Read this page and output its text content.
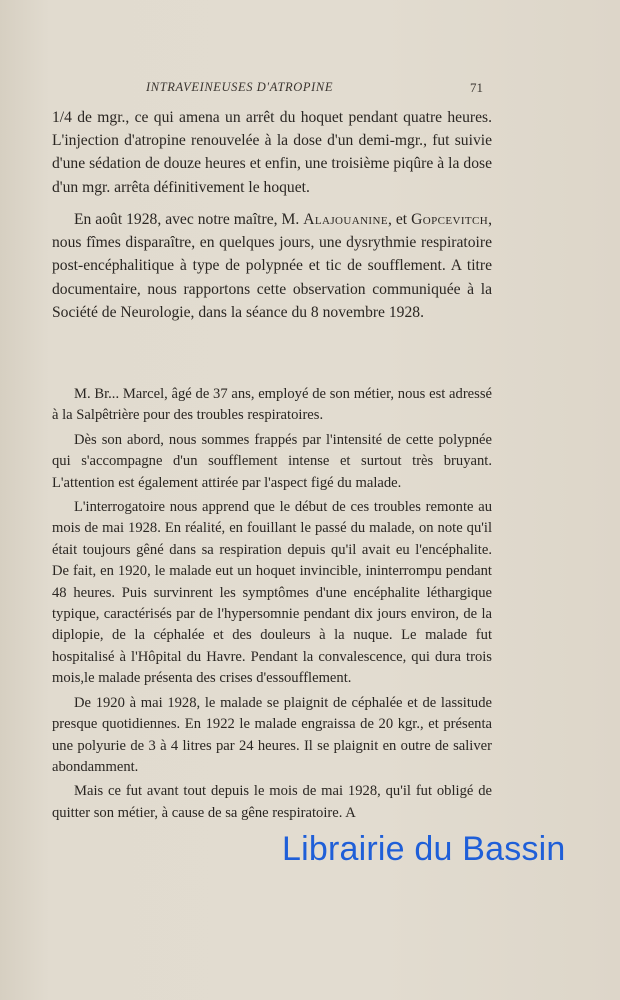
INTRAVEINEUSES D'ATROPINE	71

1/4 de mgr., ce qui amena un arrêt du hoquet pendant quatre heures. L'injection d'atropine renouvelée à la dose d'un demi-mgr., fut suivie d'une sédation de douze heures et enfin, une troisième piqûre à la dose d'un mgr. arrêta définitivement le hoquet.

En août 1928, avec notre maître, M. Alajouanine, et Gopcevitch, nous fîmes disparaître, en quelques jours, une dysrythmie respiratoire post-encéphalitique à type de polypnée et tic de soufflement. A titre documentaire, nous rapportons cette observation communiquée à la Société de Neurologie, dans la séance du 8 novembre 1928.

M. Br... Marcel, âgé de 37 ans, employé de son métier, nous est adressé à la Salpêtrière pour des troubles respiratoires.

Dès son abord, nous sommes frappés par l'intensité de cette polypnée qui s'accompagne d'un soufflement intense et surtout très bruyant. L'attention est également attirée par l'aspect figé du malade.

L'interrogatoire nous apprend que le début de ces troubles remonte au mois de mai 1928. En réalité, en fouillant le passé du malade, on note qu'il était toujours gêné dans sa respiration depuis qu'il avait eu l'encéphalite. De fait, en 1920, le malade eut un hoquet invincible, ininterrompu pendant 48 heures. Puis survinrent les symptômes d'une encéphalite léthargique typique, caractérisés par de l'hypersomnie pendant dix jours environ, de la diplopie, de la céphalée et des douleurs à la nuque. Le malade fut hospitalisé à l'Hôpital du Havre. Pendant la convalescence, qui dura trois mois,le malade présenta des crises d'essoufflement.

De 1920 à mai 1928, le malade se plaignit de céphalée et de lassitude presque quotidiennes. En 1922 le malade engraissa de 20 kgr., et présenta une polyurie de 3 à 4 litres par 24 heures. Il se plaignit en outre de saliver abondamment.

Mais ce fut avant tout depuis le mois de mai 1928, qu'il fut obligé de quitter son métier, à cause de sa gêne respiratoire. A

Librairie du Bassin
